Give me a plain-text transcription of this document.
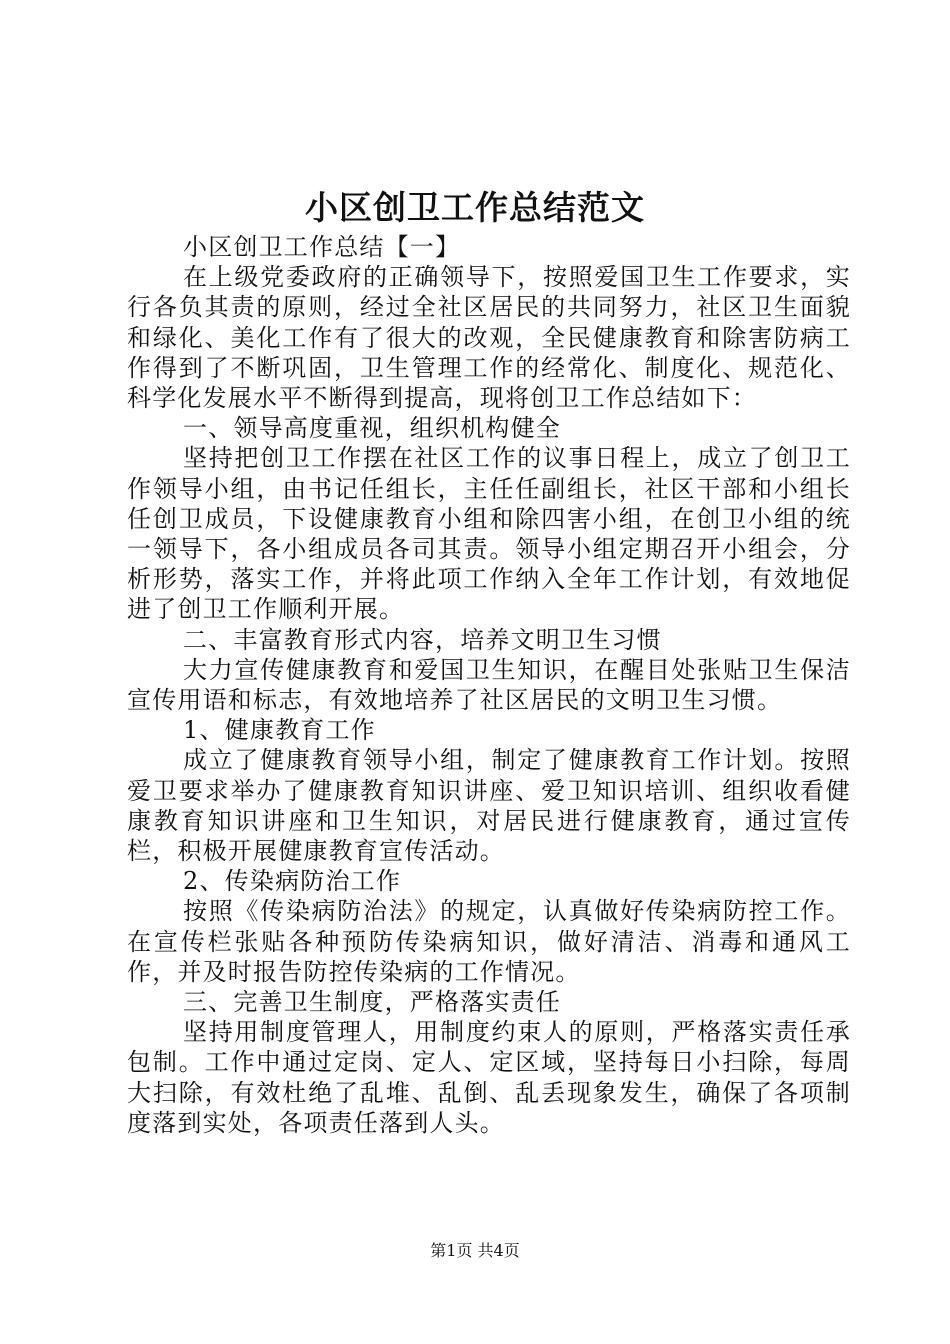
小区创卫工作总结范文

小区创卫工作总结【一】

在上级党委政府的正确领导下，按照爱国卫生工作要求，实行各负其责的原则，经过全社区居民的共同努力，社区卫生面貌和绿化、美化工作有了很大的改观，全民健康教育和除害防病工作得到了不断巩固，卫生管理工作的经常化、制度化、规范化、科学化发展水平不断得到提高，现将创卫工作总结如下：

一、领导高度重视，组织机构健全

坚持把创卫工作摆在社区工作的议事日程上，成立了创卫工作领导小组，由书记任组长，主任任副组长，社区干部和小组长任创卫成员，下设健康教育小组和除四害小组，在创卫小组的统一领导下，各小组成员各司其责。领导小组定期召开小组会，分析形势，落实工作，并将此项工作纳入全年工作计划，有效地促进了创卫工作顺利开展。

二、丰富教育形式内容，培养文明卫生习惯

大力宣传健康教育和爱国卫生知识，在醒目处张贴卫生保洁宣传用语和标志，有效地培养了社区居民的文明卫生习惯。

1、健康教育工作

成立了健康教育领导小组，制定了健康教育工作计划。按照爱卫要求举办了健康教育知识讲座、爱卫知识培训、组织收看健康教育知识讲座和卫生知识，对居民进行健康教育，通过宣传栏，积极开展健康教育宣传活动。

2、传染病防治工作

按照《传染病防治法》的规定，认真做好传染病防控工作。在宣传栏张贴各种预防传染病知识，做好清洁、消毒和通风工作，并及时报告防控传染病的工作情况。

三、完善卫生制度，严格落实责任

坚持用制度管理人，用制度约束人的原则，严格落实责任承包制。工作中通过定岗、定人、定区域，坚持每日小扫除，每周大扫除，有效杜绝了乱堆、乱倒、乱丢现象发生，确保了各项制度落到实处，各项责任落到人头。

第1页 共4页
